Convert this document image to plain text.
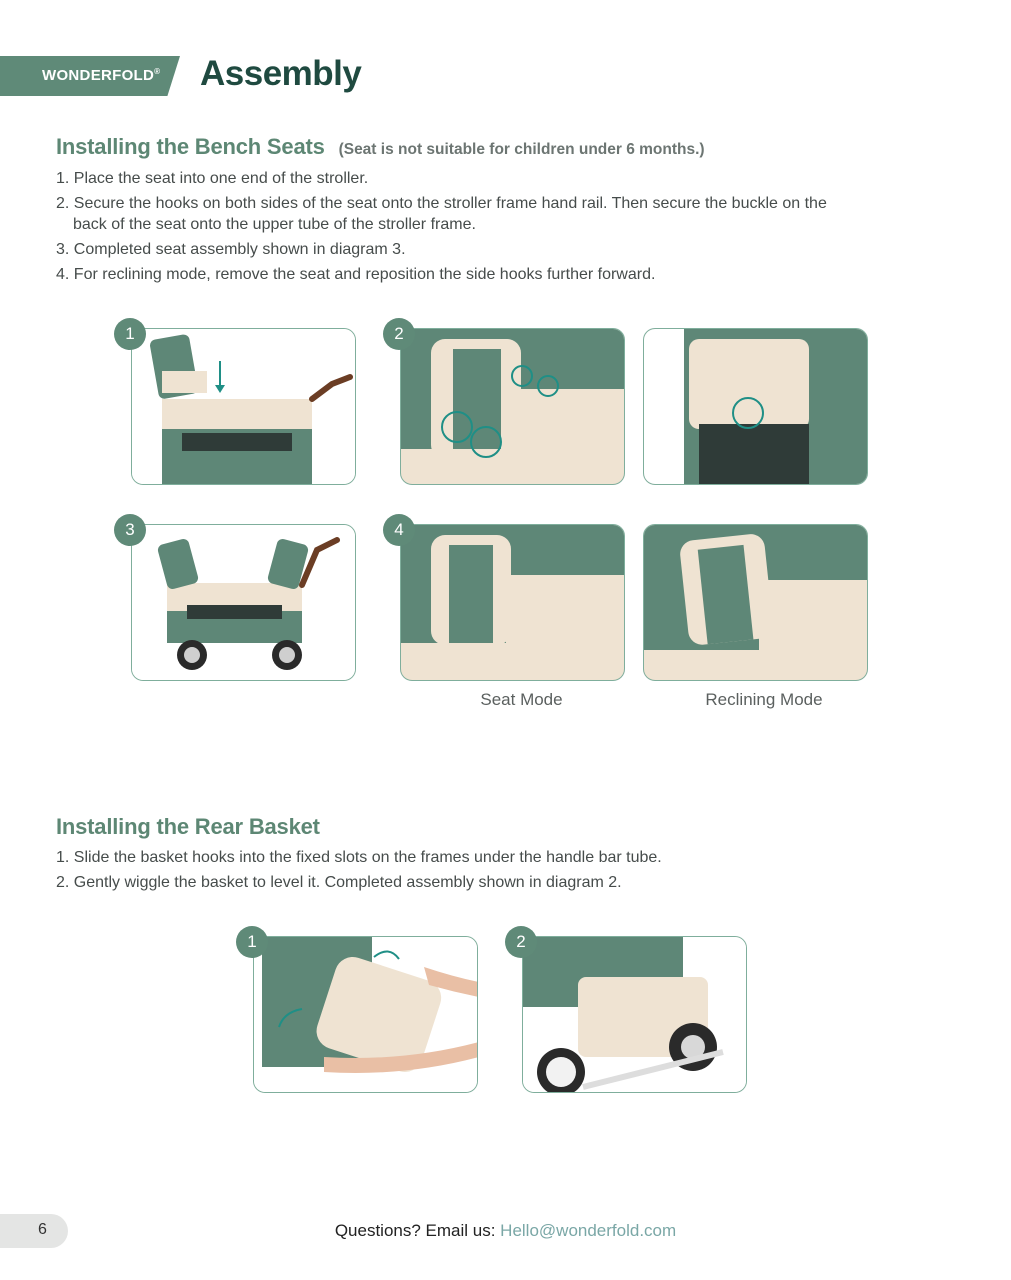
WONDERFOLD® Assembly
Installing the Bench Seats (Seat is not suitable for children under 6 months.)
1. Place the seat into one end of the stroller.
2. Secure the hooks on both sides of the seat onto the stroller frame hand rail. Then secure the buckle on the
back of the seat onto the upper tube of the stroller frame.
3. Completed seat assembly shown in diagram 3.
4. For reclining mode, remove the seat and reposition the side hooks further forward.
1	2
3	4
Seat Mode	Reclining Mode
Installing the Rear Basket
1. Slide the basket hooks into the fixed slots on the frames under the handle bar tube.
2. Gently wiggle the basket to level it. Completed assembly shown in diagram 2.
1	2
6	Questions? Email us: Hello@wonderfold.com
